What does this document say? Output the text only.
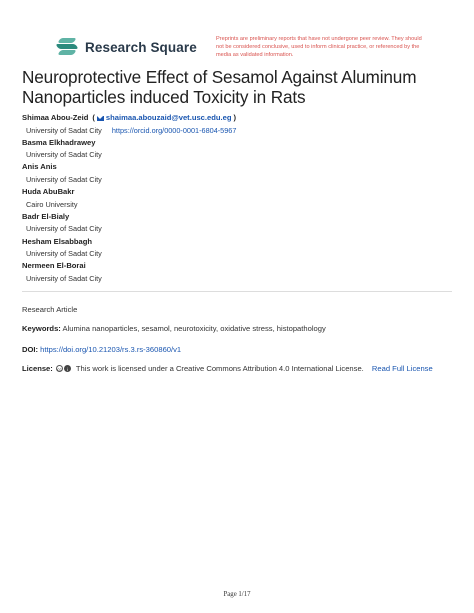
Research Square
Preprints are preliminary reports that have not undergone peer review. They should not be considered conclusive, used to inform clinical practice, or referenced by the media as validated information.
Neuroprotective Effect of Sesamol Against Aluminum Nanoparticles induced Toxicity in Rats
Shimaa Abou-Zeid ( shaimaa.abouzaid@vet.usc.edu.eg )
University of Sadat City https://orcid.org/0000-0001-6804-5967
Basma Elkhadrawey
University of Sadat City
Anis Anis
University of Sadat City
Huda AbuBakr
Cairo University
Badr El-Bialy
University of Sadat City
Hesham Elsabbagh
University of Sadat City
Nermeen El-Borai
University of Sadat City
Research Article
Keywords: Alumina nanoparticles, sesamol, neurotoxicity, oxidative stress, histopathology
DOI: https://doi.org/10.21203/rs.3.rs-360860/v1
License: cc	i	This work is licensed under a Creative Commons Attribution 4.0 International License. Read Full License
Page 1/17
